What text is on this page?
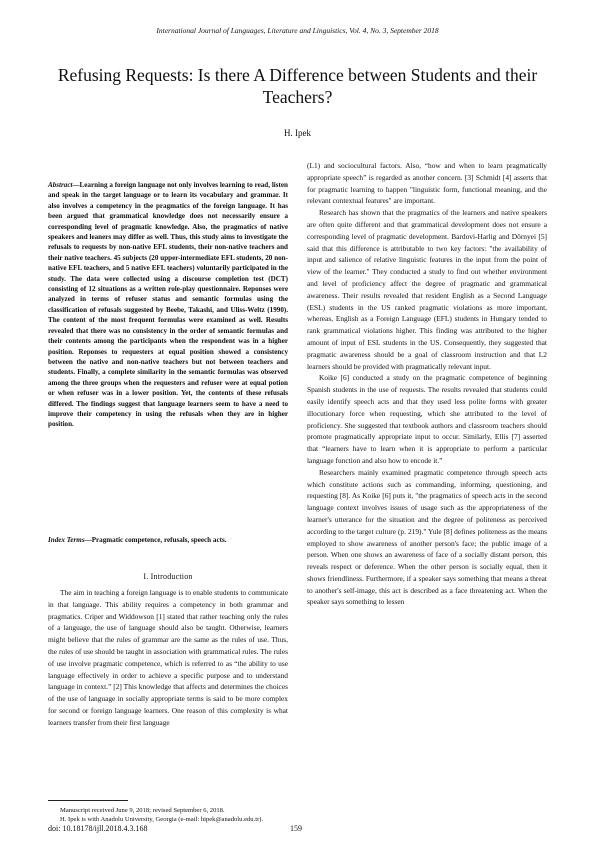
International Journal of Languages, Literature and Linguistics, Vol. 4, No. 3, September 2018
Refusing Requests: Is there A Difference between Students and their Teachers?
H. Ipek
Abstract—Learning a foreign language not only involves learning to read, listen and speak in the target language or to learn its vocabulary and grammar. It also involves a competency in the pragmatics of the foreign language. It has been argued that grammatical knowledge does not necessarily ensure a corresponding level of pragmatic knowledge. Also, the pragmatics of native speakers and leaners may differ as well. Thus, this study aims to investigate the refusals to requests by non-native EFL students, their non-native teachers and their native teachers. 45 subjects (20 upper-intermediate EFL students, 20 non-native EFL teachers, and 5 native EFL teachers) voluntarily participated in the study. The data were collected using a discourse completion test (DCT) consisting of 12 situations as a written role-play questionnaire. Reponses were analyzed in terms of refuser status and semantic formulas using the classification of refusals suggested by Beebe, Takashi, and Uliss-Weltz (1990). The content of the most frequent formulas were examined as well. Results revealed that there was no consistency in the order of semantic formulas and their contents among the participants when the respondent was in a higher position. Reponses to requesters at equal position showed a consistency between the native and non-native teachers but not between teachers and students. Finally, a complete similarity in the semantic formulas was observed among the three groups when the requesters and refuser were at equal potion or when refuser was in a lower position. Yet, the contents of these refusals differed. The findings suggest that language learners seem to have a need to improve their competency in using the refusals when they are in higher position.
Index Terms—Pragmatic competence, refusals, speech acts.
I. Introduction

The aim in teaching a foreign language is to enable students to communicate in that language. This ability requires a competency in both grammar and pragmatics. Criper and Widdowson [1] stated that rather teaching only the rules of a language, the use of language should also be taught. Otherwise, learners might believe that the rules of grammar are the same as the rules of use. Thus, the rules of use should be taught in association with grammatical rules. The rules of use involve pragmatic competence, which is referred to as “the ability to use language effectively in order to achieve a specific purpose and to understand language in context.” [2] This knowledge that affects and determines the choices of the use of language in socially appropriate terms is said to be more complex for second or foreign language learners. One reason of this complexity is what learners transfer from their first language

(L1) and sociocultural factors. Also, “how and when to learn pragmatically appropriate speech” is regarded as another concern. [3] Schmidt [4] asserts that for pragmatic learning to happen "linguistic form, functional meaning, and the relevant contextual features" are important.

Research has shown that the pragmatics of the learners and native speakers are often quite different and that grammatical development does not ensure a corresponding level of pragmatic development. Bardovi-Harlig and Dörnyei [5] said that this difference is attributable to two key factors: "the availability of input and salience of relative linguistic features in the input from the point of view of the learner." They conducted a study to find out whether environment and level of proficiency affect the degree of pragmatic and grammatical awareness. Their results revealed that resident English as a Second Language (ESL) students in the US ranked pragmatic violations as more important, whereas, English as a Foreign Language (EFL) students in Hungary tended to rank grammatical violations higher. This finding was attributed to the higher amount of input of ESL students in the US. Consequently, they suggested that pragmatic awareness should be a goal of classroom instruction and that L2 learners should be provided with pragmatically relevant input.

Koike [6] conducted a study on the pragmatic competence of beginning Spanish students in the use of requests. The results revealed that students could easily identify speech acts and that they used less polite forms with greater illocutionary force when requesting, which she attributed to the level of proficiency. She suggested that textbook authors and classroom teachers should promote pragmatically appropriate input to occur. Similarly, Ellis [7] asserted that “learners have to learn when it is appropriate to perform a particular language function and also how to encode it.”

Researchers mainly examined pragmatic competence through speech acts which constitute actions such as commanding, informing, questioning, and requesting [8]. As Koike [6] puts it, "the pragmatics of speech acts in the second language context involves issues of usage such as the appropriateness of the learner's utterance for the situation and the degree of politeness as perceived according to the target culture (p. 219)." Yule [8] defines politeness as the means employed to show awareness of another person's face; the public image of a person. When one shows an awareness of face of a socially distant person, this reveals respect or deference. When the other person is socially equal, then it shows friendliness. Furthermore, if a speaker says something that means a threat to another's self-image, this act is described as a face threatening act. When the speaker says something to lessen

Manuscript received June 9, 2018; revised September 6, 2018.

H. Ipek is with Anadolu University, Georgia (e-mail: hipek@anadolu.edu.tr).

doi: 10.18178/ijll.2018.4.3.168	159
